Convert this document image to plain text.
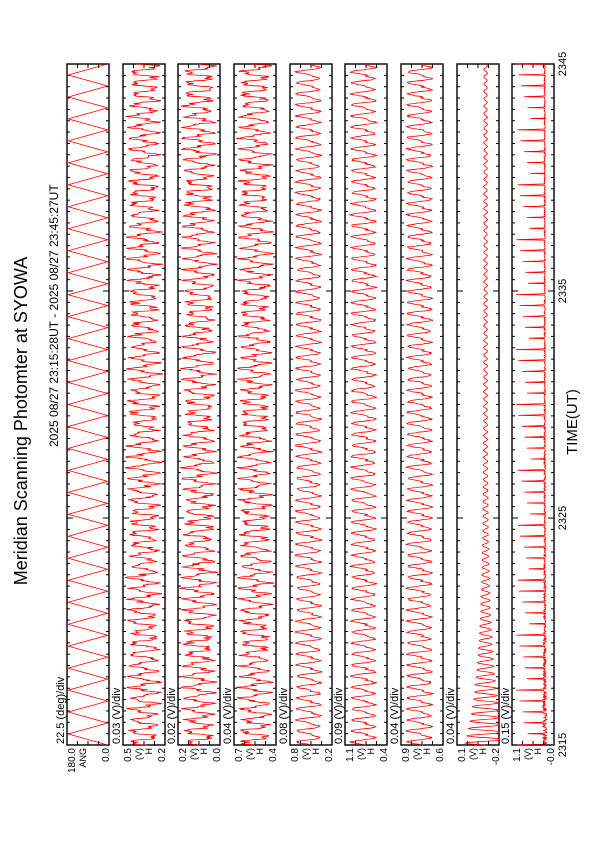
Meridian Scanning Photomter at SYOWA 2025 08/27 23:15:28UT - 2025 08/27 23:45:27UT	TIME(UT)
22.5 (deg)/div
180.0 0.0
ANG
0.03 (V)/div
0.5 0.2
(V) H
0.02 (V)/div
0.2 0.0
(V) H
0.04 (V)/div
0.7 0.4
(V) H
0.08 (V)/div
0.8 0.2
(V) H
0.09 (V)/div
1.1 0.4
(V) H
0.04 (V)/div
0.9 0.6
(V) H
0.04 (V)/div
0.1 -0.2
(V) H
0.15 (V)/div
1.1 -0.0
(V) H 2315
2325
2335
2345
